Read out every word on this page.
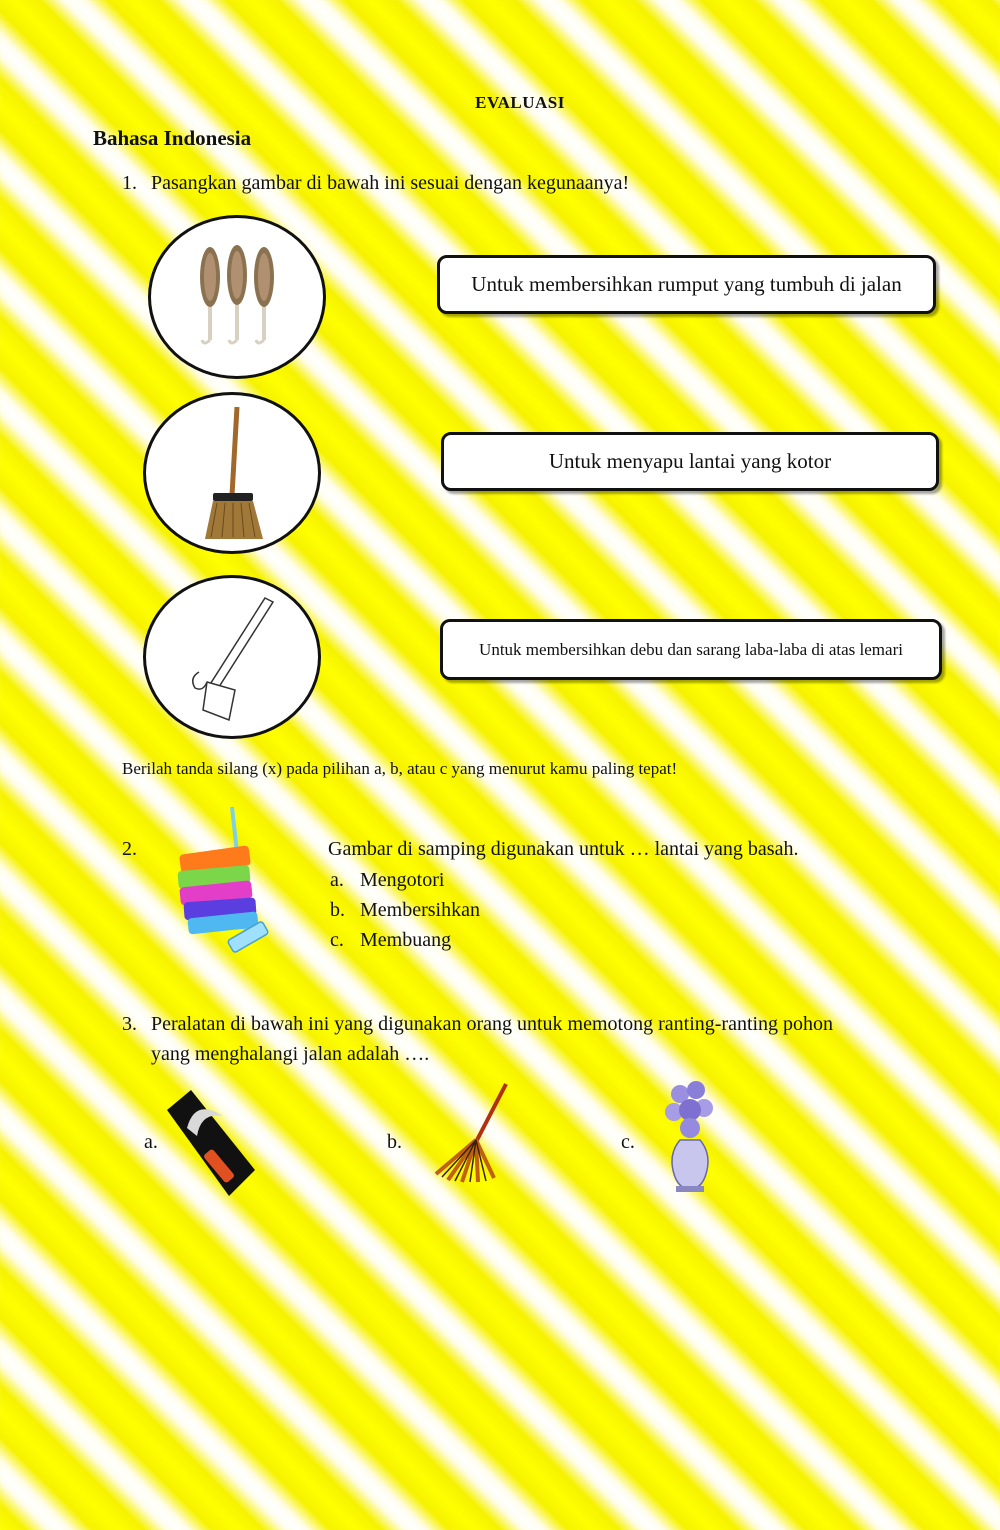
EVALUASI
Bahasa Indonesia
1. Pasangkan gambar di bawah ini sesuai dengan kegunaanya!
Untuk membersihkan rumput yang tumbuh di jalan
Untuk menyapu lantai yang kotor
Untuk membersihkan debu dan sarang laba-laba di atas lemari
Berilah tanda silang (x) pada pilihan a, b, atau c yang menurut kamu paling tepat!
2.	Gambar di samping digunakan untuk … lantai yang basah.
a. Mengotori
b. Membersihkan
c. Membuang
3. Peralatan di bawah ini yang digunakan orang untuk memotong ranting-ranting pohon
yang menghalangi jalan adalah ….
a.	b.	c.
